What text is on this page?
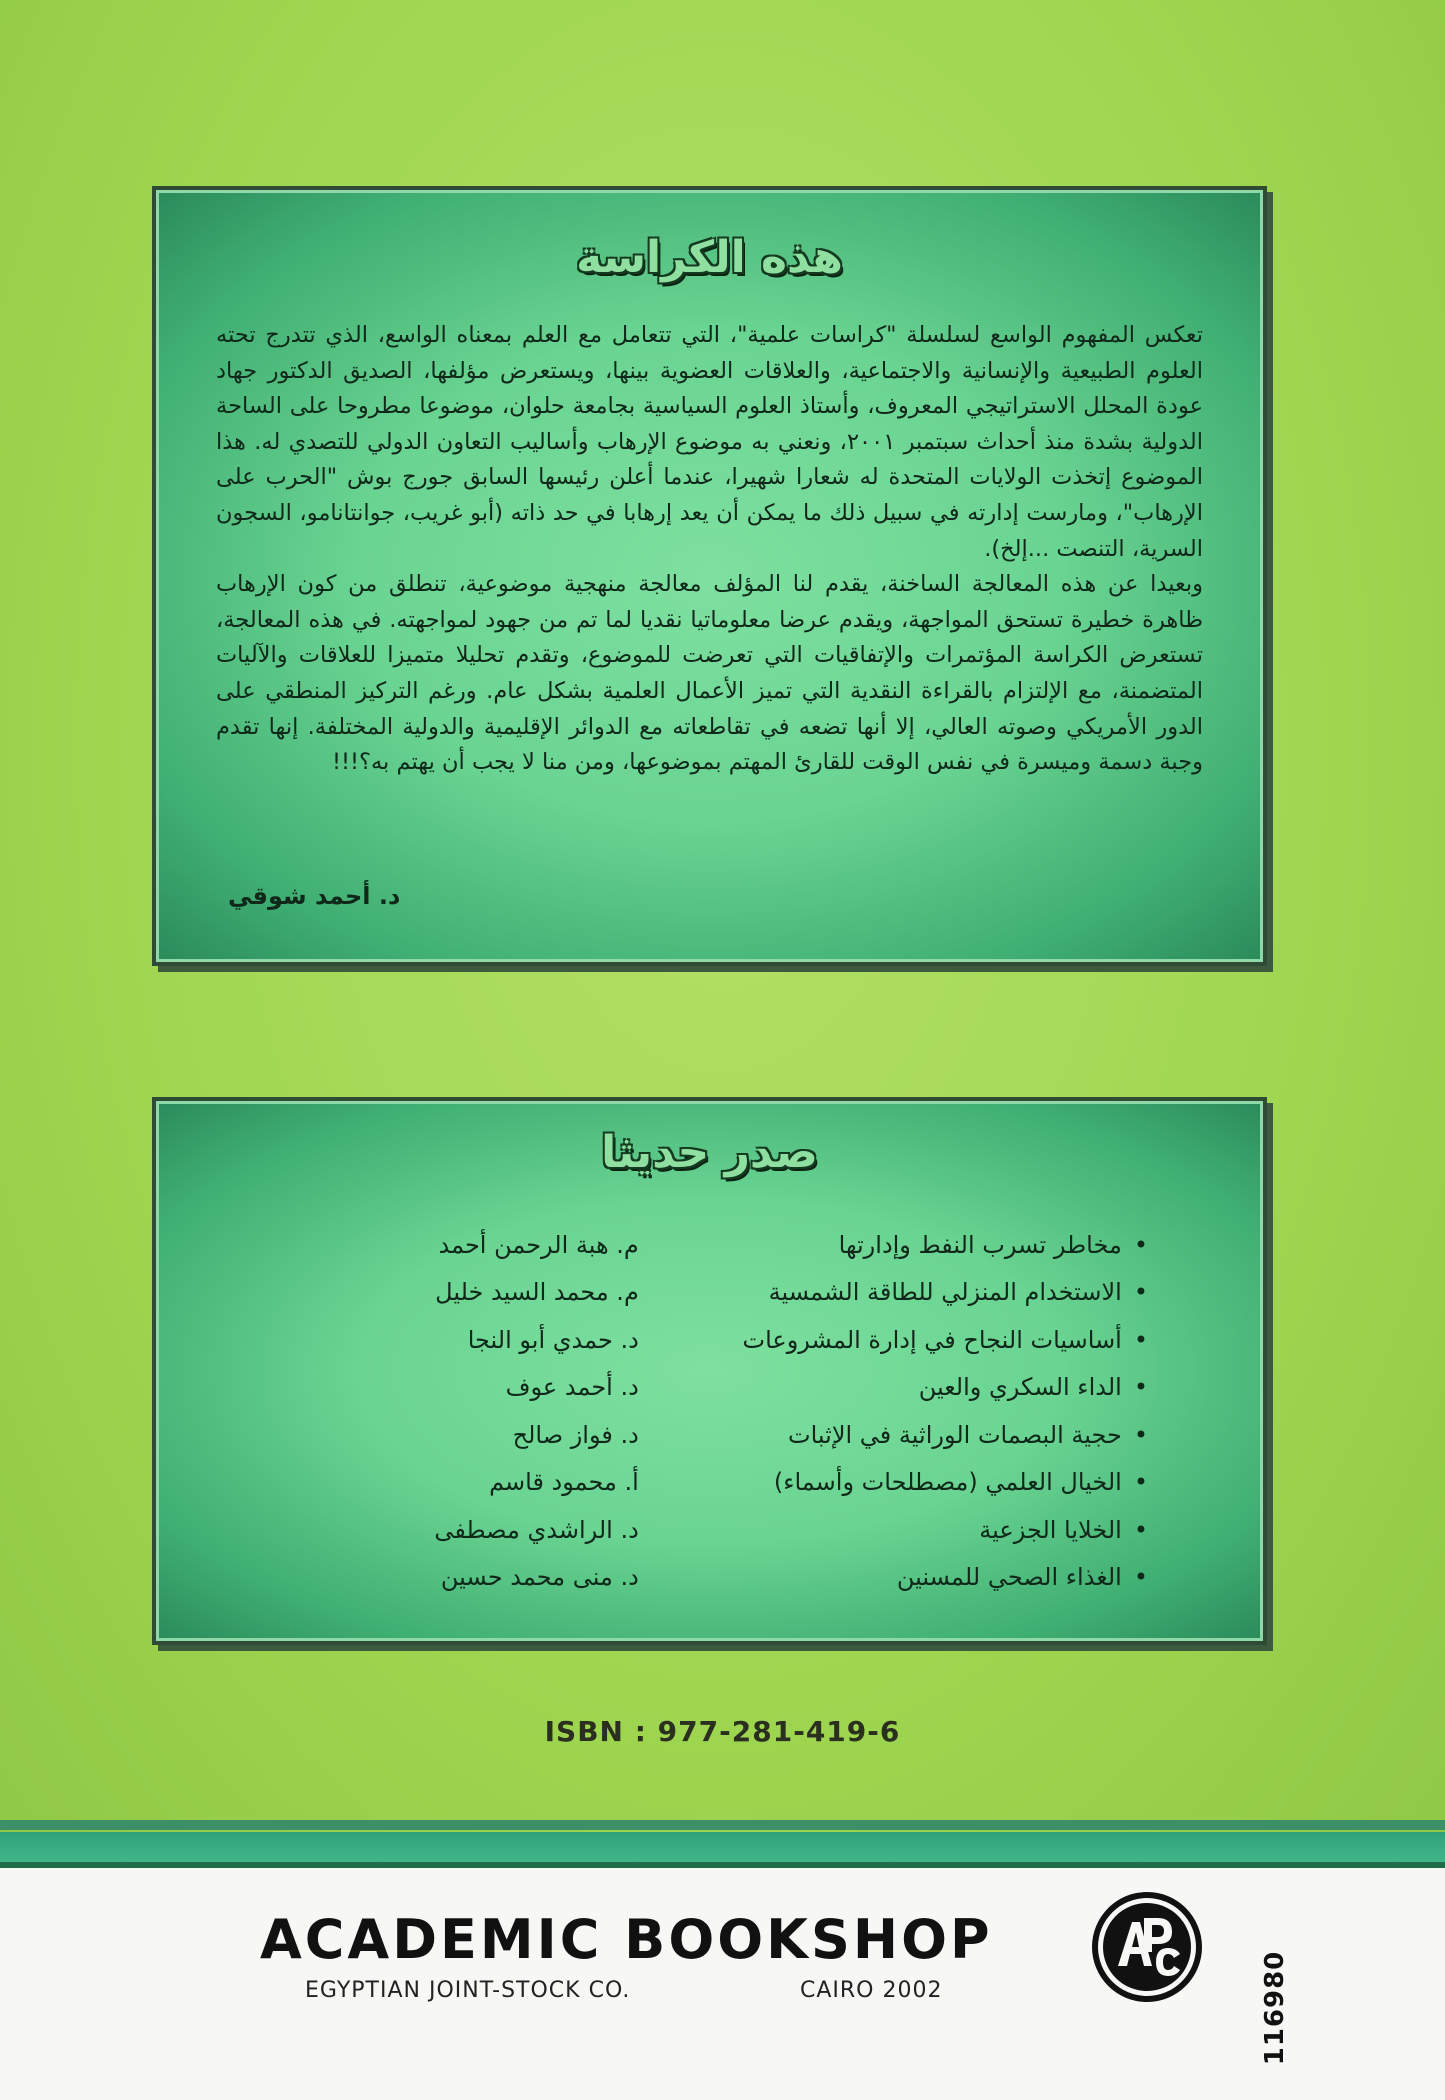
هذه الكراسة

تعكس المفهوم الواسع لسلسلة "كراسات علمية"، التي تتعامل مع العلم بمعناه الواسع، الذي تتدرج تحته العلوم الطبيعية والإنسانية والاجتماعية، والعلاقات العضوية بينها، ويستعرض مؤلفها، الصديق الدكتور جهاد عودة المحلل الاستراتيجي المعروف، وأستاذ العلوم السياسية بجامعة حلوان، موضوعا مطروحا على الساحة الدولية بشدة منذ أحداث سبتمبر ٢٠٠١، ونعني به موضوع الإرهاب وأساليب التعاون الدولي للتصدي له. هذا الموضوع إتخذت الولايات المتحدة له شعارا شهيرا، عندما أعلن رئيسها السابق جورج بوش "الحرب على الإرهاب"، ومارست إدارته في سبيل ذلك ما يمكن أن يعد إرهابا في حد ذاته (أبو غريب، جوانتانامو، السجون السرية، التنصت ...إلخ).

وبعيدا عن هذه المعالجة الساخنة، يقدم لنا المؤلف معالجة منهجية موضوعية، تنطلق من كون الإرهاب ظاهرة خطيرة تستحق المواجهة، ويقدم عرضا معلوماتيا نقديا لما تم من جهود لمواجهته. في هذه المعالجة، تستعرض الكراسة المؤتمرات والإتفاقيات التي تعرضت للموضوع، وتقدم تحليلا متميزا للعلاقات والآليات المتضمنة، مع الإلتزام بالقراءة النقدية التي تميز الأعمال العلمية بشكل عام. ورغم التركيز المنطقي على الدور الأمريكي وصوته العالي، إلا أنها تضعه في تقاطعاته مع الدوائر الإقليمية والدولية المختلفة. إنها تقدم وجبة دسمة وميسرة في نفس الوقت للقارئ المهتم بموضوعها، ومن منا لا يجب أن يهتم به؟!!!

د. أحمد شوقي
صدر حديثا
• مخاطر تسرب النفط وإدارتها
م. هبة الرحمن أحمد
• الاستخدام المنزلي للطاقة الشمسية
م. محمد السيد خليل
• أساسيات النجاح في إدارة المشروعات
د. حمدي أبو النجا
• الداء السكري والعين
د. أحمد عوف
• حجية البصمات الوراثية في الإثبات
د. فواز صالح
• الخيال العلمي (مصطلحات وأسماء)
أ. محمود قاسم
• الخلايا الجزعية
د. الراشدي مصطفى
• الغذاء الصحي للمسنين
د. منى محمد حسين
ISBN : 977-281-419-6
ACADEMIC BOOKSHOP
EGYPTIAN JOINT-STOCK CO.	CAIRO 2002	116980
